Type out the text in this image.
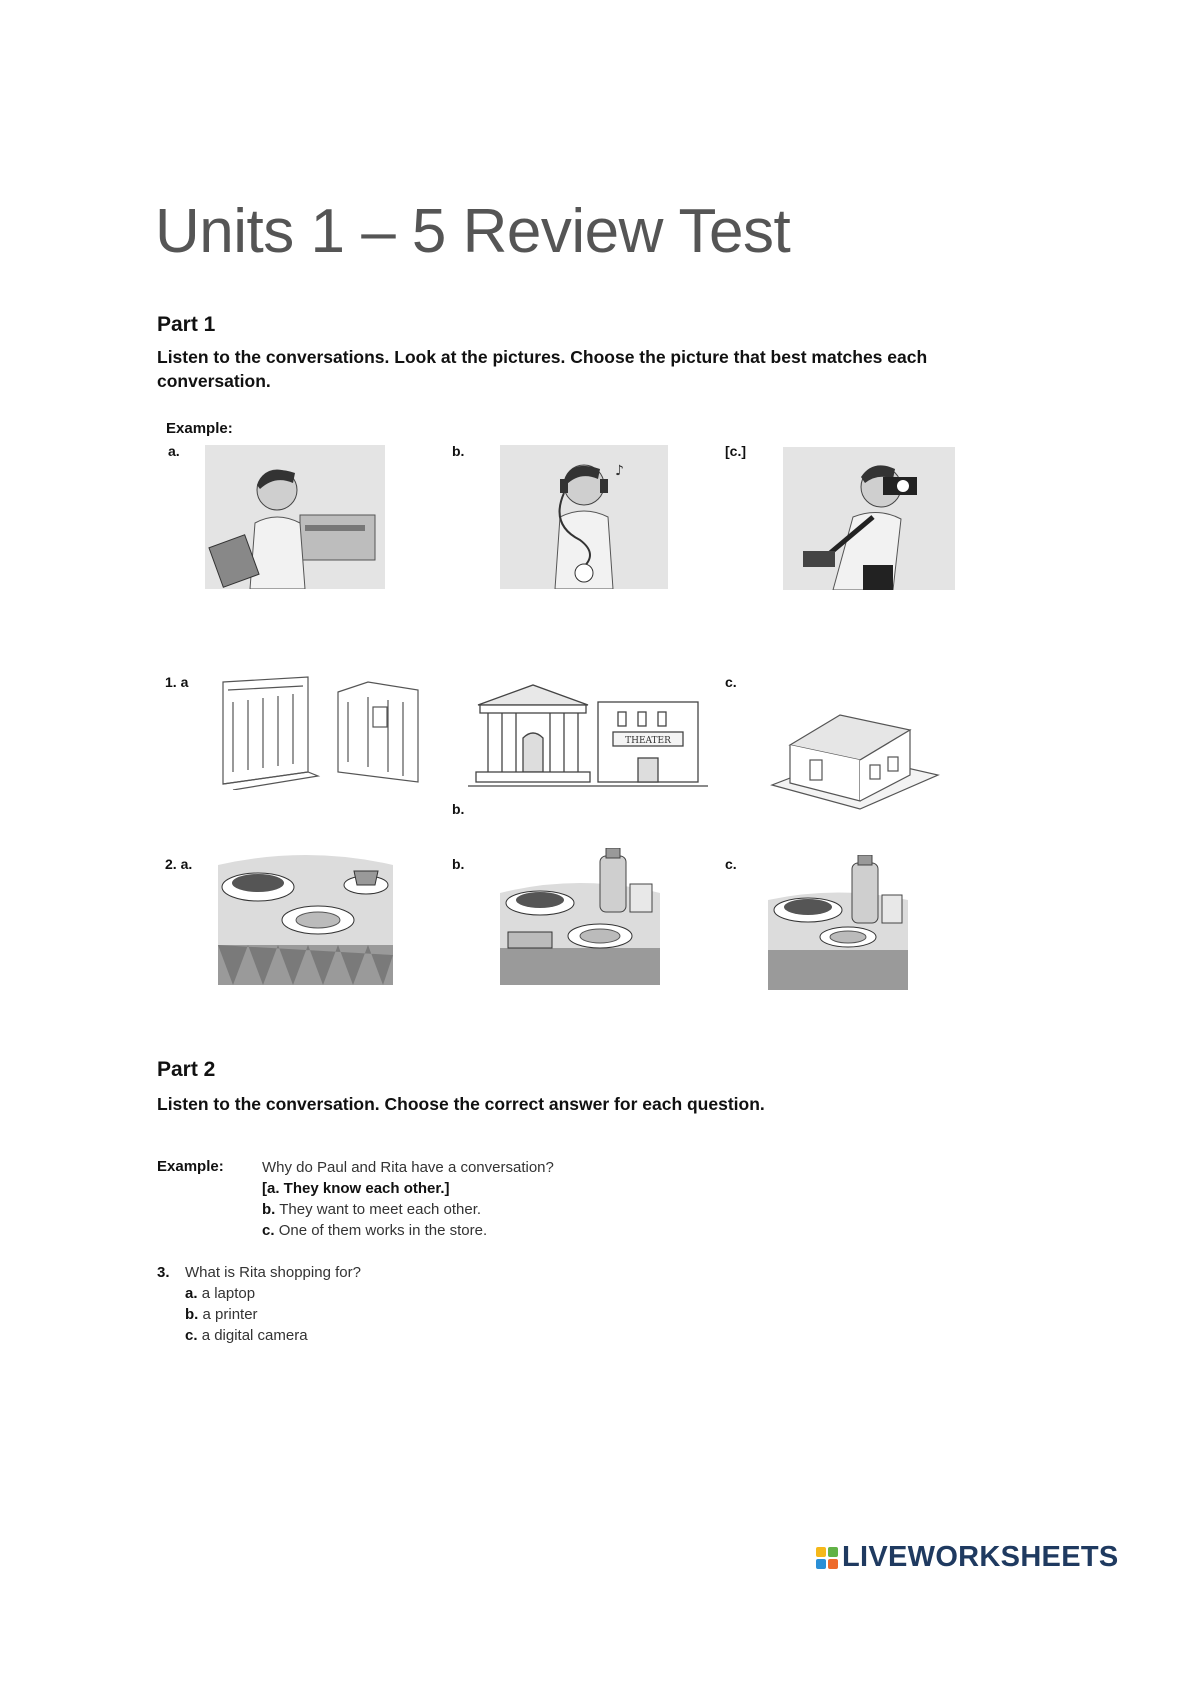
Units 1 – 5 Review Test
Part 1
Listen to the conversations. Look at the pictures. Choose the picture that best matches each conversation.
Example:
a.	b.
♪
[c.]
1. a
THEATER
b.
c.
2. a.	b.	c.
Part 2
Listen to the conversation. Choose the correct answer for each question.
Example:	Why do Paul and Rita have a conversation?
[a. They know each other.]
b. They want to meet each other.
c. One of them works in the store.
3. What is Rita shopping for?
a. a laptop
b. a printer
c. a digital camera
LIVEWORKSHEETS
